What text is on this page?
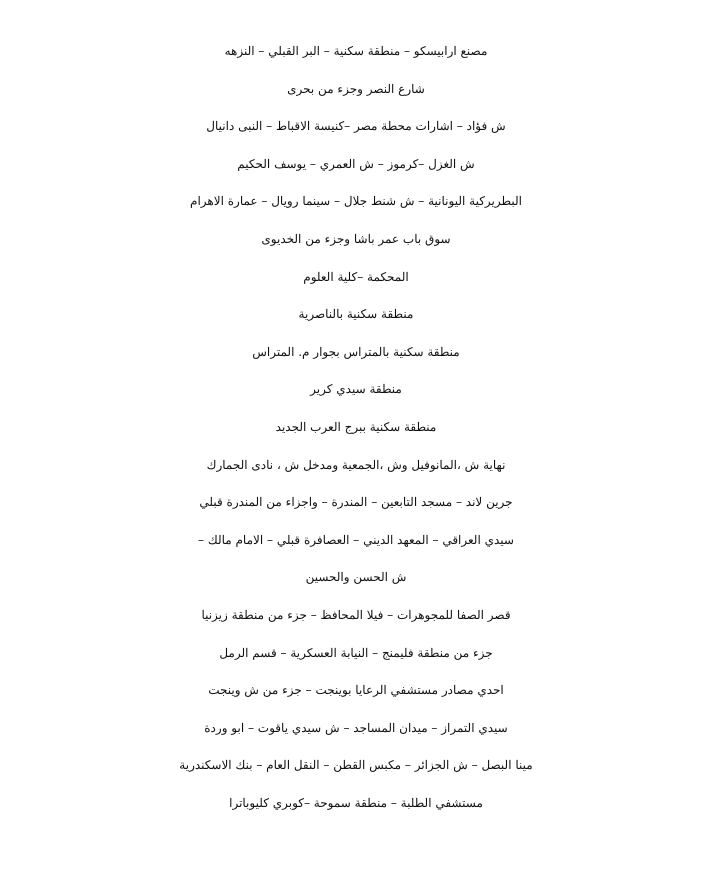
مصنع ارابيسكو – منطقة سكنية – البر القبلي – النزهه
شارع النصر وجزء من بحرى
ش فؤاد – اشارات محطة مصر –كنيسة الاقباط – النبى دانيال
ش الغزل –كرموز – ش العمري – يوسف الحكيم
البطريركية اليونانية – ش شنط جلال – سينما رويال – عمارة الاهرام
سوق باب عمر باشا وجزء من الخديوى
المحكمة –كلية العلوم
منطقة سكنية بالناصرية
منطقة سكنية بالمتراس بجوار م. المتراس
منطقة سيدي كرير
منطقة سكنية ببرج العرب الجديد
نهاية ش ،المانوفيل وش ،الجمعية ومدخل ش ، نادى الجمارك
جرين لاند – مسجد التابعين – المندرة – واجزاء من المندرة قبلي
سيدي العراقي – المعهد الديني – العصافرة قبلي – الامام مالك –
ش الحسن والحسين
قصر الصفا للمجوهرات – فيلا المحافظ – جزء من منطقة زيزنيا
جزء من منطقة فليمنج – النيابة العسكرية – قسم الرمل
احدي مصادر مستشفي الرعايا بوينجت – جزء من ش وينجت
سيدي التمراز – ميدان المساجد – ش سيدي ياقوت – ابو وردة
مينا البصل – ش الجزائر – مكبس القطن – النقل العام – بنك الاسكندرية
مستشفي الطلبة – منطقة سموحة –كوبري كليوباترا
